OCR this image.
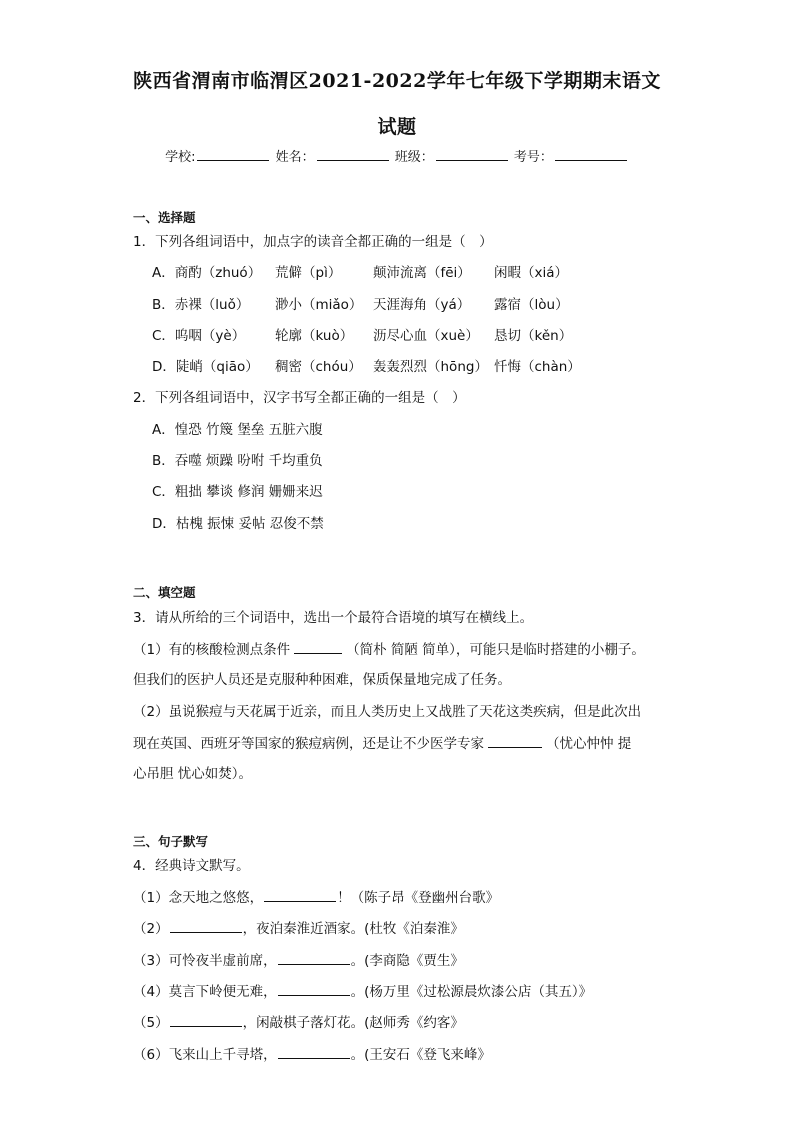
陕西省渭南市临渭区2021-2022学年七年级下学期期末语文
试题
学校:	姓名：	班级：	考号：
一、选择题
1．下列各组词语中，加点字的读音全都正确的一组是（　）
A．商酌（zhuó） 荒僻（pì） 颠沛流离（fēi） 闲暇（xiá）
B．赤裸（luǒ） 渺小（miǎo） 天涯海角（yá） 露宿（lòu）
C．呜咽（yè） 轮廓（kuò） 沥尽心血（xuè） 恳切（kěn）
D．陡峭（qiāo） 稠密（chóu） 轰轰烈烈（hōng） 忏悔（chàn）
2．下列各组词语中，汉字书写全都正确的一组是（　）
A．惶恐 竹篾 堡垒 五脏六腹
B．吞噬 烦躁 吩咐 千均重负
C．粗拙 攀谈 修润 姗姗来迟
D．枯槐 振悚 妥帖 忍俊不禁
二、填空题
3．请从所给的三个词语中，选出一个最符合语境的填写在横线上。
（1）有的核酸检测点条件	（简朴 简陋 简单），可能只是临时搭建的小棚子。
但我们的医护人员还是克服种种困难，保质保量地完成了任务。
（2）虽说猴痘与天花属于近亲，而且人类历史上又战胜了天花这类疾病，但是此次出
现在英国、西班牙等国家的猴痘病例，还是让不少医学专家	（忧心忡忡 提
心吊胆 忧心如焚）。
三、句子默写
4．经典诗文默写。
（1）念天地之悠悠，	！（陈子昂《登幽州台歌》
（2）	，夜泊秦淮近酒家。(杜牧《泊秦淮》
（3）可怜夜半虚前席，	。(李商隐《贾生》
（4）莫言下岭便无难，	。(杨万里《过松源晨炊漆公店（其五）》
（5）	，闲敲棋子落灯花。(赵师秀《约客》
（6）飞来山上千寻塔，	。(王安石《登飞来峰》
